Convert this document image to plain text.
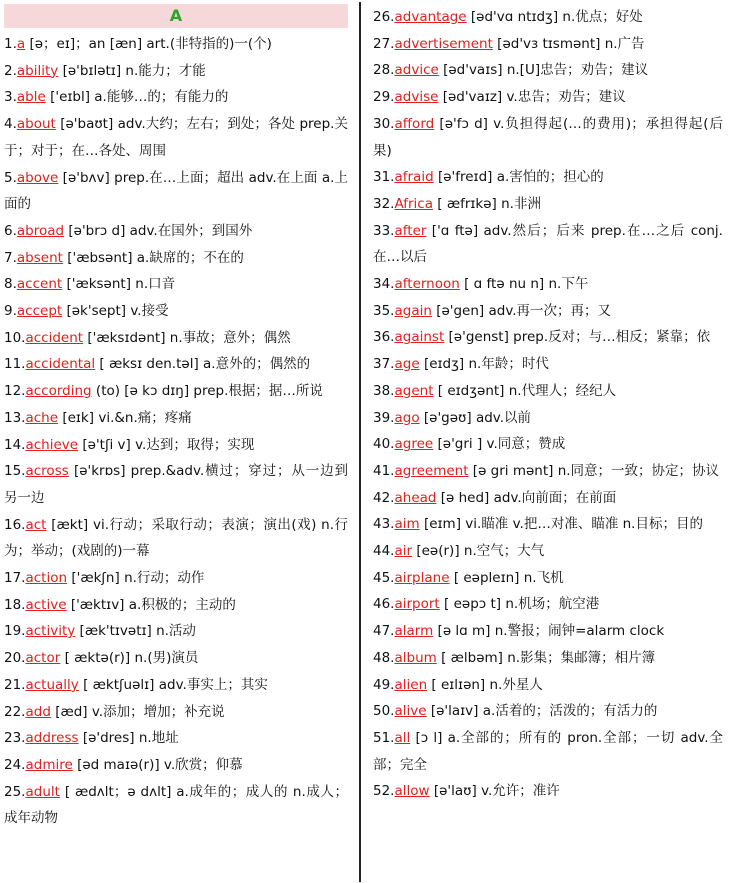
A

1.a [ə；eɪ]；an [æn] art.(非特指的)一(个)

2.ability [ə'bɪlətɪ] n.能力；才能

3.able ['eɪbl] a.能够…的；有能力的

4.about [ə'baʊt] adv.大约；左右；到处；各处 prep.关于；对于；在…各处、周围

5.above [ə'bʌv] prep.在…上面；超出 adv.在上面 a.上面的

6.abroad [ə'brɔ d] adv.在国外；到国外

7.absent ['æbsənt] a.缺席的；不在的

8.accent ['æksənt] n.口音

9.accept [ək'sept] v.接受

10.accident ['æksɪdənt] n.事故；意外；偶然

11.accidental [ æksɪ den.təl] a.意外的；偶然的

12.according (to) [ə kɔ dɪŋ] prep.根据；据…所说

13.ache [eɪk] vi.&n.痛；疼痛

14.achieve [ə'tʃi v] v.达到；取得；实现

15.across [ə'krɒs] prep.&adv.横过；穿过；从一边到另一边

16.act [ækt] vi.行动；采取行动；表演；演出(戏) n.行为；举动；(戏剧的)一幕

17.action ['ækʃn] n.行动；动作

18.active ['æktɪv] a.积极的；主动的

19.activity [æk'tɪvətɪ] n.活动

20.actor [ æktə(r)] n.(男)演员

21.actually [ æktʃuəlɪ] adv.事实上；其实

22.add [æd] v.添加；增加；补充说

23.address [ə'dres] n.地址

24.admire [əd maɪə(r)] v.欣赏；仰慕

25.adult [ ædʌlt；ə dʌlt] a.成年的；成人的 n.成人；成年动物

26.advantage [əd'vɑ ntɪdʒ] n.优点；好处

27.advertisement [əd'vɜ tɪsmənt] n.广告

28.advice [əd'vaɪs] n.[U]忠告；劝告；建议

29.advise [əd'vaɪz] v.忠告；劝告；建议

30.afford [ə'fɔ d] v.负担得起(…的费用)；承担得起(后果)

31.afraid [ə'freɪd] a.害怕的；担心的

32.Africa [ æfrɪkə] n.非洲

33.after ['ɑ ftə] adv.然后；后来 prep.在…之后 conj.在…以后

34.afternoon [ ɑ ftə nu n] n.下午

35.again [ə'gen] adv.再一次；再；又

36.against [ə'genst] prep.反对；与…相反；紧靠；依

37.age [eɪdʒ] n.年龄；时代

38.agent [ eɪdʒənt] n.代理人；经纪人

39.ago [ə'gəʊ] adv.以前

40.agree [ə'gri ] v.同意；赞成

41.agreement [ə gri mənt] n.同意；一致；协定；协议

42.ahead [ə hed] adv.向前面；在前面

43.aim [eɪm] vi.瞄准 v.把…对准、瞄准 n.目标；目的

44.air [eə(r)] n.空气；大气

45.airplane [ eəpleɪn] n.飞机

46.airport [ eəpɔ t] n.机场；航空港

47.alarm [ə lɑ m] n.警报；闹钟=alarm clock

48.album [ ælbəm] n.影集；集邮簿；相片簿

49.alien [ eɪlɪən] n.外星人

50.alive [ə'laɪv] a.活着的；活泼的；有活力的

51.all [ɔ l] a.全部的；所有的 pron.全部；一切 adv.全部；完全

52.allow [ə'laʊ] v.允许；准许
